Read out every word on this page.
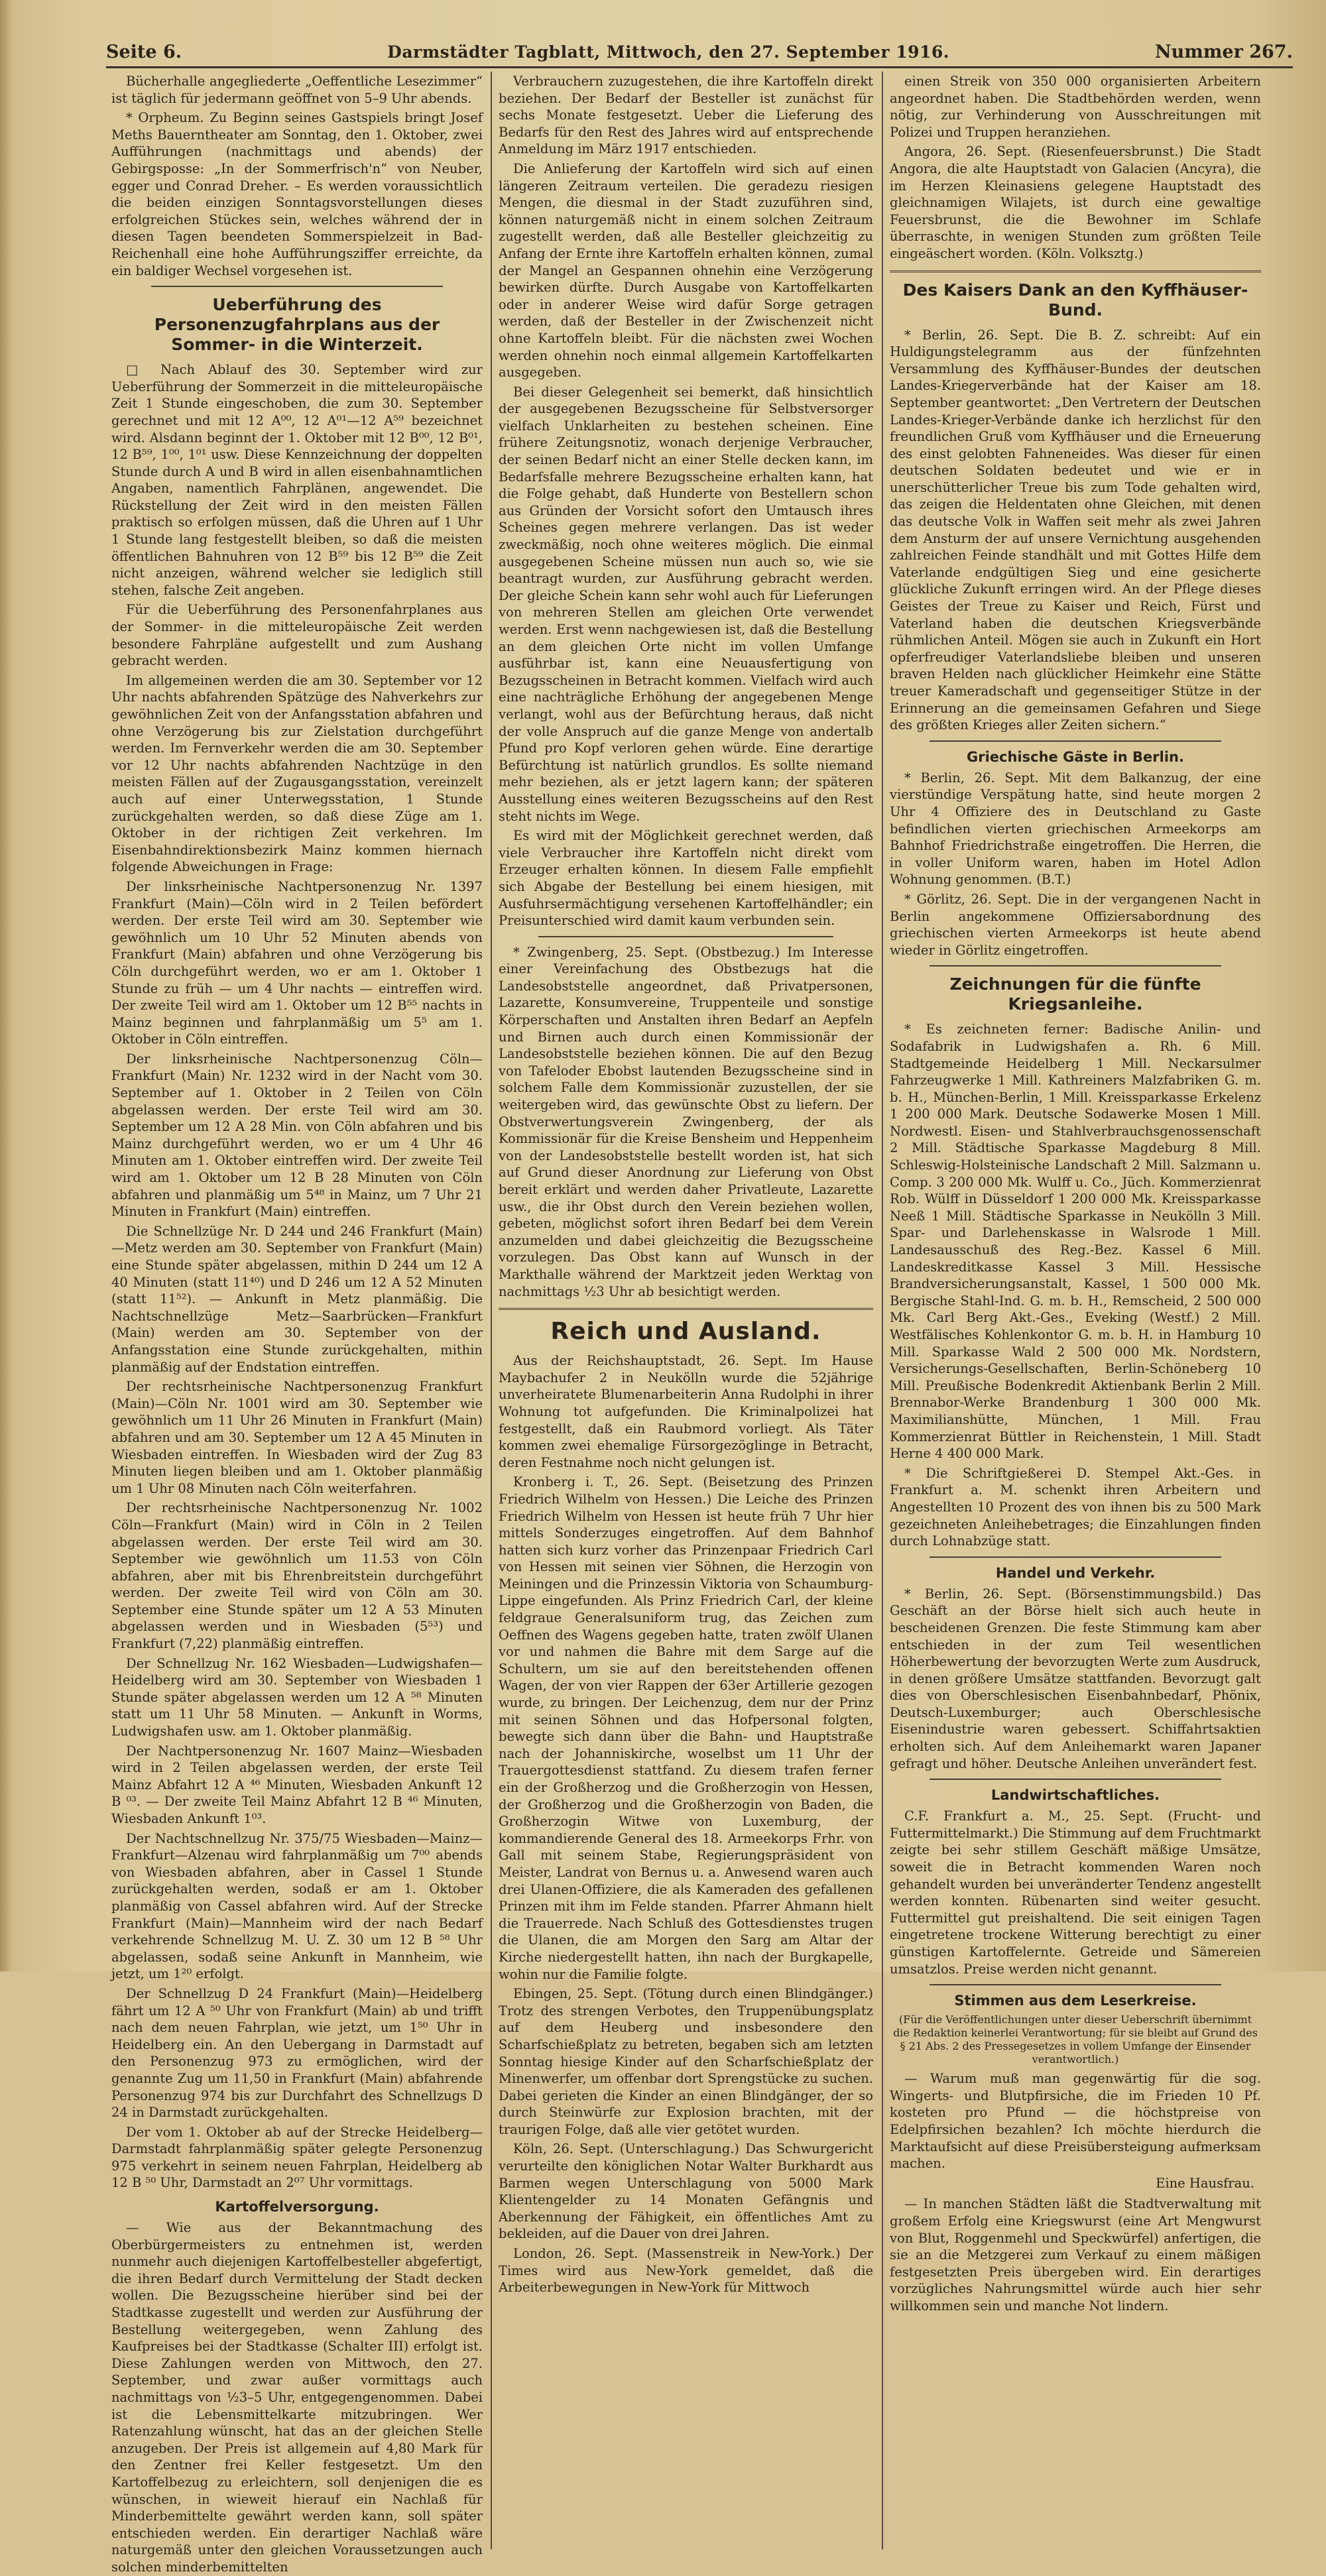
Seite 6.	Darmstädter Tagblatt, Mittwoch, den 27. September 1916.	Nummer 267.

Bücherhalle angegliederte „Oeffentliche Lesezimmer“ ist täglich für jedermann geöffnet von 5–9 Uhr abends.

* Orpheum. Zu Beginn seines Gastspiels bringt Josef Meths Bauerntheater am Sonntag, den 1. Oktober, zwei Aufführungen (nachmittags und abends) der Gebirgsposse: „In der Sommerfrisch'n“ von Neuber, egger und Conrad Dreher. – Es werden voraussichtlich die beiden einzigen Sonntagsvorstellungen dieses erfolgreichen Stückes sein, welches während der in diesen Tagen beendeten Sommerspielzeit in Bad-Reichenhall eine hohe Aufführungsziffer erreichte, da ein baldiger Wechsel vorgesehen ist.

Ueberführung des Personenzugfahrplans aus der Sommer- in die Winterzeit.

□ Nach Ablauf des 30. September wird zur Ueberführung der Sommerzeit in die mitteleuropäische Zeit 1 Stunde eingeschoben, die zum 30. September gerechnet und mit 12 A⁰⁰, 12 A⁰¹—12 A⁵⁹ bezeichnet wird. Alsdann beginnt der 1. Oktober mit 12 B⁰⁰, 12 B⁰¹, 12 B⁵⁹, 1⁰⁰, 1⁰¹ usw. Diese Kennzeichnung der doppelten Stunde durch A und B wird in allen eisenbahnamtlichen Angaben, namentlich Fahrplänen, angewendet. Die Rückstellung der Zeit wird in den meisten Fällen praktisch so erfolgen müssen, daß die Uhren auf 1 Uhr 1 Stunde lang festgestellt bleiben, so daß die meisten öffentlichen Bahnuhren von 12 B⁵⁹ bis 12 B⁵⁹ die Zeit nicht anzeigen, während welcher sie lediglich still stehen, falsche Zeit angeben.

Für die Ueberführung des Personenfahrplanes aus der Sommer- in die mitteleuropäische Zeit werden besondere Fahrpläne aufgestellt und zum Aushang gebracht werden.

Im allgemeinen werden die am 30. September vor 12 Uhr nachts abfahrenden Spätzüge des Nahverkehrs zur gewöhnlichen Zeit von der Anfangsstation abfahren und ohne Verzögerung bis zur Zielstation durchgeführt werden. Im Fernverkehr werden die am 30. September vor 12 Uhr nachts abfahrenden Nachtzüge in den meisten Fällen auf der Zugausgangsstation, vereinzelt auch auf einer Unterwegsstation, 1 Stunde zurückgehalten werden, so daß diese Züge am 1. Oktober in der richtigen Zeit verkehren. Im Eisenbahndirektionsbezirk Mainz kommen hiernach folgende Abweichungen in Frage:

Der linksrheinische Nachtpersonenzug Nr. 1397 Frankfurt (Main)—Cöln wird in 2 Teilen befördert werden. Der erste Teil wird am 30. September wie gewöhnlich um 10 Uhr 52 Minuten abends von Frankfurt (Main) abfahren und ohne Verzögerung bis Cöln durchgeführt werden, wo er am 1. Oktober 1 Stunde zu früh — um 4 Uhr nachts — eintreffen wird. Der zweite Teil wird am 1. Oktober um 12 B⁵⁵ nachts in Mainz beginnen und fahrplanmäßig um 5⁵ am 1. Oktober in Cöln eintreffen.

Der linksrheinische Nachtpersonenzug Cöln—Frankfurt (Main) Nr. 1232 wird in der Nacht vom 30. September auf 1. Oktober in 2 Teilen von Cöln abgelassen werden. Der erste Teil wird am 30. September um 12 A 28 Min. von Cöln abfahren und bis Mainz durchgeführt werden, wo er um 4 Uhr 46 Minuten am 1. Oktober eintreffen wird. Der zweite Teil wird am 1. Oktober um 12 B 28 Minuten von Cöln abfahren und planmäßig um 5⁴⁸ in Mainz, um 7 Uhr 21 Minuten in Frankfurt (Main) eintreffen.

Die Schnellzüge Nr. D 244 und 246 Frankfurt (Main)—Metz werden am 30. September von Frankfurt (Main) eine Stunde später abgelassen, mithin D 244 um 12 A 40 Minuten (statt 11⁴⁰) und D 246 um 12 A 52 Minuten (statt 11⁵²). — Ankunft in Metz planmäßig. Die Nachtschnellzüge Metz—Saarbrücken—Frankfurt (Main) werden am 30. September von der Anfangsstation eine Stunde zurückgehalten, mithin planmäßig auf der Endstation eintreffen.

Der rechtsrheinische Nachtpersonenzug Frankfurt (Main)—Cöln Nr. 1001 wird am 30. September wie gewöhnlich um 11 Uhr 26 Minuten in Frankfurt (Main) abfahren und am 30. September um 12 A 45 Minuten in Wiesbaden eintreffen. In Wiesbaden wird der Zug 83 Minuten liegen bleiben und am 1. Oktober planmäßig um 1 Uhr 08 Minuten nach Cöln weiterfahren.

Der rechtsrheinische Nachtpersonenzug Nr. 1002 Cöln—Frankfurt (Main) wird in Cöln in 2 Teilen abgelassen werden. Der erste Teil wird am 30. September wie gewöhnlich um 11.53 von Cöln abfahren, aber mit bis Ehrenbreitstein durchgeführt werden. Der zweite Teil wird von Cöln am 30. September eine Stunde später um 12 A 53 Minuten abgelassen werden und in Wiesbaden (5⁵³) und Frankfurt (7,22) planmäßig eintreffen.

Der Schnellzug Nr. 162 Wiesbaden—Ludwigshafen—Heidelberg wird am 30. September von Wiesbaden 1 Stunde später abgelassen werden um 12 A ⁵⁸ Minuten statt um 11 Uhr 58 Minuten. — Ankunft in Worms, Ludwigshafen usw. am 1. Oktober planmäßig.

Der Nachtpersonenzug Nr. 1607 Mainz—Wiesbaden wird in 2 Teilen abgelassen werden, der erste Teil Mainz Abfahrt 12 A ⁴⁶ Minuten, Wiesbaden Ankunft 12 B ⁰³. — Der zweite Teil Mainz Abfahrt 12 B ⁴⁶ Minuten, Wiesbaden Ankunft 1⁰³.

Der Nachtschnellzug Nr. 375/75 Wiesbaden—Mainz—Frankfurt—Alzenau wird fahrplanmäßig um 7⁰⁰ abends von Wiesbaden abfahren, aber in Cassel 1 Stunde zurückgehalten werden, sodaß er am 1. Oktober planmäßig von Cassel abfahren wird. Auf der Strecke Frankfurt (Main)—Mannheim wird der nach Bedarf verkehrende Schnellzug M. U. Z. 30 um 12 B ⁵⁸ Uhr abgelassen, sodaß seine Ankunft in Mannheim, wie jetzt, um 1²⁰ erfolgt.

Der Schnellzug D 24 Frankfurt (Main)—Heidelberg fährt um 12 A ⁵⁰ Uhr von Frankfurt (Main) ab und trifft nach dem neuen Fahrplan, wie jetzt, um 1⁵⁰ Uhr in Heidelberg ein. An den Uebergang in Darmstadt auf den Personenzug 973 zu ermöglichen, wird der genannte Zug um 11,50 in Frankfurt (Main) abfahrende Personenzug 974 bis zur Durchfahrt des Schnellzugs D 24 in Darmstadt zurückgehalten.

Der vom 1. Oktober ab auf der Strecke Heidelberg—Darmstadt fahrplanmäßig später gelegte Personenzug 975 verkehrt in seinem neuen Fahrplan, Heidelberg ab 12 B ⁵⁰ Uhr, Darmstadt an 2⁰⁷ Uhr vormittags.

Kartoffelversorgung.

— Wie aus der Bekanntmachung des Oberbürgermeisters zu entnehmen ist, werden nunmehr auch diejenigen Kartoffelbesteller abgefertigt, die ihren Bedarf durch Vermittelung der Stadt decken wollen. Die Bezugsscheine hierüber sind bei der Stadtkasse zugestellt und werden zur Ausführung der Bestellung weitergegeben, wenn Zahlung des Kaufpreises bei der Stadtkasse (Schalter III) erfolgt ist. Diese Zahlungen werden von Mittwoch, den 27. September, und zwar außer vormittags auch nachmittags von ½3–5 Uhr, entgegengenommen. Dabei ist die Lebensmittelkarte mitzubringen. Wer Ratenzahlung wünscht, hat das an der gleichen Stelle anzugeben. Der Preis ist allgemein auf 4,80 Mark für den Zentner frei Keller festgesetzt. Um den Kartoffelbezug zu erleichtern, soll denjenigen die es wünschen, in wieweit hierauf ein Nachlaß für Minderbemittelte gewährt werden kann, soll später entschieden werden. Ein derartiger Nachlaß wäre naturgemäß unter den gleichen Voraussetzungen auch solchen minderbemittelten

Verbrauchern zuzugestehen, die ihre Kartoffeln direkt beziehen. Der Bedarf der Besteller ist zunächst für sechs Monate festgesetzt. Ueber die Lieferung des Bedarfs für den Rest des Jahres wird auf entsprechende Anmeldung im März 1917 entschieden.

Die Anlieferung der Kartoffeln wird sich auf einen längeren Zeitraum verteilen. Die geradezu riesigen Mengen, die diesmal in der Stadt zuzuführen sind, können naturgemäß nicht in einem solchen Zeitraum zugestellt werden, daß alle Besteller gleichzeitig zu Anfang der Ernte ihre Kartoffeln erhalten können, zumal der Mangel an Gespannen ohnehin eine Verzögerung bewirken dürfte. Durch Ausgabe von Kartoffelkarten oder in anderer Weise wird dafür Sorge getragen werden, daß der Besteller in der Zwischenzeit nicht ohne Kartoffeln bleibt. Für die nächsten zwei Wochen werden ohnehin noch einmal allgemein Kartoffelkarten ausgegeben.

Bei dieser Gelegenheit sei bemerkt, daß hinsichtlich der ausgegebenen Bezugsscheine für Selbstversorger vielfach Unklarheiten zu bestehen scheinen. Eine frühere Zeitungsnotiz, wonach derjenige Verbraucher, der seinen Bedarf nicht an einer Stelle decken kann, im Bedarfsfalle mehrere Bezugsscheine erhalten kann, hat die Folge gehabt, daß Hunderte von Bestellern schon aus Gründen der Vorsicht sofort den Umtausch ihres Scheines gegen mehrere verlangen. Das ist weder zweckmäßig, noch ohne weiteres möglich. Die einmal ausgegebenen Scheine müssen nun auch so, wie sie beantragt wurden, zur Ausführung gebracht werden. Der gleiche Schein kann sehr wohl auch für Lieferungen von mehreren Stellen am gleichen Orte verwendet werden. Erst wenn nachgewiesen ist, daß die Bestellung an dem gleichen Orte nicht im vollen Umfange ausführbar ist, kann eine Neuausfertigung von Bezugsscheinen in Betracht kommen. Vielfach wird auch eine nachträgliche Erhöhung der angegebenen Menge verlangt, wohl aus der Befürchtung heraus, daß nicht der volle Anspruch auf die ganze Menge von andertalb Pfund pro Kopf verloren gehen würde. Eine derartige Befürchtung ist natürlich grundlos. Es sollte niemand mehr beziehen, als er jetzt lagern kann; der späteren Ausstellung eines weiteren Bezugsscheins auf den Rest steht nichts im Wege.

Es wird mit der Möglichkeit gerechnet werden, daß viele Verbraucher ihre Kartoffeln nicht direkt vom Erzeuger erhalten können. In diesem Falle empfiehlt sich Abgabe der Bestellung bei einem hiesigen, mit Ausfuhrsermächtigung versehenen Kartoffelhändler; ein Preisunterschied wird damit kaum verbunden sein.

* Zwingenberg, 25. Sept. (Obstbezug.) Im Interesse einer Vereinfachung des Obstbezugs hat die Landesobststelle angeordnet, daß Privatpersonen, Lazarette, Konsumvereine, Truppenteile und sonstige Körperschaften und Anstalten ihren Bedarf an Aepfeln und Birnen auch durch einen Kommissionär der Landesobststelle beziehen können. Die auf den Bezug von Tafeloder Ebobst lautenden Bezugsscheine sind in solchem Falle dem Kommissionär zuzustellen, der sie weitergeben wird, das gewünschte Obst zu liefern. Der Obstverwertungsverein Zwingenberg, der als Kommissionär für die Kreise Bensheim und Heppenheim von der Landesobststelle bestellt worden ist, hat sich auf Grund dieser Anordnung zur Lieferung von Obst bereit erklärt und werden daher Privatleute, Lazarette usw., die ihr Obst durch den Verein beziehen wollen, gebeten, möglichst sofort ihren Bedarf bei dem Verein anzumelden und dabei gleichzeitig die Bezugsscheine vorzulegen. Das Obst kann auf Wunsch in der Markthalle während der Marktzeit jeden Werktag von nachmittags ½3 Uhr ab besichtigt werden.

Reich und Ausland.

Aus der Reichshauptstadt, 26. Sept. Im Hause Maybachufer 2 in Neukölln wurde die 52jährige unverheiratete Blumenarbeiterin Anna Rudolphi in ihrer Wohnung tot aufgefunden. Die Kriminalpolizei hat festgestellt, daß ein Raubmord vorliegt. Als Täter kommen zwei ehemalige Fürsorgezöglinge in Betracht, deren Festnahme noch nicht gelungen ist.

Kronberg i. T., 26. Sept. (Beisetzung des Prinzen Friedrich Wilhelm von Hessen.) Die Leiche des Prinzen Friedrich Wilhelm von Hessen ist heute früh 7 Uhr hier mittels Sonderzuges eingetroffen. Auf dem Bahnhof hatten sich kurz vorher das Prinzenpaar Friedrich Carl von Hessen mit seinen vier Söhnen, die Herzogin von Meiningen und die Prinzessin Viktoria von Schaumburg-Lippe eingefunden. Als Prinz Friedrich Carl, der kleine feldgraue Generalsuniform trug, das Zeichen zum Oeffnen des Wagens gegeben hatte, traten zwölf Ulanen vor und nahmen die Bahre mit dem Sarge auf die Schultern, um sie auf den bereitstehenden offenen Wagen, der von vier Rappen der 63er Artillerie gezogen wurde, zu bringen. Der Leichenzug, dem nur der Prinz mit seinen Söhnen und das Hofpersonal folgten, bewegte sich dann über die Bahn- und Hauptstraße nach der Johanniskirche, woselbst um 11 Uhr der Trauergottesdienst stattfand. Zu diesem trafen ferner ein der Großherzog und die Großherzogin von Hessen, der Großherzog und die Großherzogin von Baden, die Großherzogin Witwe von Luxemburg, der kommandierende General des 18. Armeekorps Frhr. von Gall mit seinem Stabe, Regierungspräsident von Meister, Landrat von Bernus u. a. Anwesend waren auch drei Ulanen-Offiziere, die als Kameraden des gefallenen Prinzen mit ihm im Felde standen. Pfarrer Ahmann hielt die Trauerrede. Nach Schluß des Gottesdienstes trugen die Ulanen, die am Morgen den Sarg am Altar der Kirche niedergestellt hatten, ihn nach der Burgkapelle, wohin nur die Familie folgte.

Ebingen, 25. Sept. (Tötung durch einen Blindgänger.) Trotz des strengen Verbotes, den Truppenübungsplatz auf dem Heuberg und insbesondere den Scharfschießplatz zu betreten, begaben sich am letzten Sonntag hiesige Kinder auf den Scharfschießplatz der Minenwerfer, um offenbar dort Sprengstücke zu suchen. Dabei gerieten die Kinder an einen Blindgänger, der so durch Steinwürfe zur Explosion brachten, mit der traurigen Folge, daß alle vier getötet wurden.

Köln, 26. Sept. (Unterschlagung.) Das Schwurgericht verurteilte den königlichen Notar Walter Burkhardt aus Barmen wegen Unterschlagung von 5000 Mark Klientengelder zu 14 Monaten Gefängnis und Aberkennung der Fähigkeit, ein öffentliches Amt zu bekleiden, auf die Dauer von drei Jahren.

London, 26. Sept. (Massenstreik in New-York.) Der Times wird aus New-York gemeldet, daß die Arbeiterbewegungen in New-York für Mittwoch

einen Streik von 350 000 organisierten Arbeitern angeordnet haben. Die Stadtbehörden werden, wenn nötig, zur Verhinderung von Ausschreitungen mit Polizei und Truppen heranziehen.

Angora, 26. Sept. (Riesenfeuersbrunst.) Die Stadt Angora, die alte Hauptstadt von Galacien (Ancyra), die im Herzen Kleinasiens gelegene Hauptstadt des gleichnamigen Wilajets, ist durch eine gewaltige Feuersbrunst, die die Bewohner im Schlafe überraschte, in wenigen Stunden zum größten Teile eingeäschert worden. (Köln. Volksztg.)

Des Kaisers Dank an den Kyffhäuser-Bund.

* Berlin, 26. Sept. Die B. Z. schreibt: Auf ein Huldigungstelegramm aus der fünfzehnten Versammlung des Kyffhäuser-Bundes der deutschen Landes-Kriegerverbände hat der Kaiser am 18. September geantwortet: „Den Vertretern der Deutschen Landes-Krieger-Verbände danke ich herzlichst für den freundlichen Gruß vom Kyffhäuser und die Erneuerung des einst gelobten Fahneneides. Was dieser für einen deutschen Soldaten bedeutet und wie er in unerschütterlicher Treue bis zum Tode gehalten wird, das zeigen die Heldentaten ohne Gleichen, mit denen das deutsche Volk in Waffen seit mehr als zwei Jahren dem Ansturm der auf unsere Vernichtung ausgehenden zahlreichen Feinde standhält und mit Gottes Hilfe dem Vaterlande endgültigen Sieg und eine gesicherte glückliche Zukunft erringen wird. An der Pflege dieses Geistes der Treue zu Kaiser und Reich, Fürst und Vaterland haben die deutschen Kriegsverbände rühmlichen Anteil. Mögen sie auch in Zukunft ein Hort opferfreudiger Vaterlandsliebe bleiben und unseren braven Helden nach glücklicher Heimkehr eine Stätte treuer Kameradschaft und gegenseitiger Stütze in der Erinnerung an die gemeinsamen Gefahren und Siege des größten Krieges aller Zeiten sichern.“

Griechische Gäste in Berlin.

* Berlin, 26. Sept. Mit dem Balkanzug, der eine vierstündige Verspätung hatte, sind heute morgen 2 Uhr 4 Offiziere des in Deutschland zu Gaste befindlichen vierten griechischen Armeekorps am Bahnhof Friedrichstraße eingetroffen. Die Herren, die in voller Uniform waren, haben im Hotel Adlon Wohnung genommen. (B.T.)

* Görlitz, 26. Sept. Die in der vergangenen Nacht in Berlin angekommene Offiziersabordnung des griechischen vierten Armeekorps ist heute abend wieder in Görlitz eingetroffen.

Zeichnungen für die fünfte Kriegsanleihe.

* Es zeichneten ferner: Badische Anilin- und Sodafabrik in Ludwigshafen a. Rh. 6 Mill. Stadtgemeinde Heidelberg 1 Mill. Neckarsulmer Fahrzeugwerke 1 Mill. Kathreiners Malzfabriken G. m. b. H., München-Berlin, 1 Mill. Kreissparkasse Erkelenz 1 200 000 Mark. Deutsche Sodawerke Mosen 1 Mill. Nordwestl. Eisen- und Stahlverbrauchsgenossenschaft 2 Mill. Städtische Sparkasse Magdeburg 8 Mill. Schleswig-Holsteinische Landschaft 2 Mill. Salzmann u. Comp. 3 200 000 Mk. Wulff u. Co., Jüch. Kommerzienrat Rob. Wülff in Düsseldorf 1 200 000 Mk. Kreissparkasse Neeß 1 Mill. Städtische Sparkasse in Neukölln 3 Mill. Spar- und Darlehenskasse in Walsrode 1 Mill. Landesausschuß des Reg.-Bez. Kassel 6 Mill. Landeskreditkasse Kassel 3 Mill. Hessische Brandversicherungsanstalt, Kassel, 1 500 000 Mk. Bergische Stahl-Ind. G. m. b. H., Remscheid, 2 500 000 Mk. Carl Berg Akt.-Ges., Eveking (Westf.) 2 Mill. Westfälisches Kohlenkontor G. m. b. H. in Hamburg 10 Mill. Sparkasse Wald 2 500 000 Mk. Nordstern, Versicherungs-Gesellschaften, Berlin-Schöneberg 10 Mill. Preußische Bodenkredit Aktienbank Berlin 2 Mill. Brennabor-Werke Brandenburg 1 300 000 Mk. Maximilianshütte, München, 1 Mill. Frau Kommerzienrat Büttler in Reichenstein, 1 Mill. Stadt Herne 4 400 000 Mark.

* Die Schriftgießerei D. Stempel Akt.-Ges. in Frankfurt a. M. schenkt ihren Arbeitern und Angestellten 10 Prozent des von ihnen bis zu 500 Mark gezeichneten Anleihebetrages; die Einzahlungen finden durch Lohnabzüge statt.

Handel und Verkehr.

* Berlin, 26. Sept. (Börsenstimmungsbild.) Das Geschäft an der Börse hielt sich auch heute in bescheidenen Grenzen. Die feste Stimmung kam aber entschieden in der zum Teil wesentlichen Höherbewertung der bevorzugten Werte zum Ausdruck, in denen größere Umsätze stattfanden. Bevorzugt galt dies von Oberschlesischen Eisenbahnbedarf, Phönix, Deutsch-Luxemburger; auch Oberschlesische Eisenindustrie waren gebessert. Schiffahrtsaktien erholten sich. Auf dem Anleihemarkt waren Japaner gefragt und höher. Deutsche Anleihen unverändert fest.

Landwirtschaftliches.

C.F. Frankfurt a. M., 25. Sept. (Frucht- und Futtermittelmarkt.) Die Stimmung auf dem Fruchtmarkt zeigte bei sehr stillem Geschäft mäßige Umsätze, soweit die in Betracht kommenden Waren noch gehandelt wurden bei unveränderter Tendenz angestellt werden konnten. Rübenarten sind weiter gesucht. Futtermittel gut preishaltend. Die seit einigen Tagen eingetretene trockene Witterung berechtigt zu einer günstigen Kartoffelernte. Getreide und Sämereien umsatzlos. Preise werden nicht genannt.

Stimmen aus dem Leserkreise.
(Für die Veröffentlichungen unter dieser Ueberschrift übernimmt die Redaktion keinerlei Verantwortung; für sie bleibt auf Grund des § 21 Abs. 2 des Pressegesetzes in vollem Umfange der Einsender verantwortlich.)

— Warum muß man gegenwärtig für die sog. Wingerts- und Blutpfirsiche, die im Frieden 10 Pf. kosteten pro Pfund — die höchstpreise von Edelpfirsichen bezahlen? Ich möchte hierdurch die Marktaufsicht auf diese Preisübersteigung aufmerksam machen.

Eine Hausfrau.

— In manchen Städten läßt die Stadtverwaltung mit großem Erfolg eine Kriegswurst (eine Art Mengwurst von Blut, Roggenmehl und Speckwürfel) anfertigen, die sie an die Metzgerei zum Verkauf zu einem mäßigen festgesetzten Preis übergeben wird. Ein derartiges vorzügliches Nahrungsmittel würde auch hier sehr willkommen sein und manche Not lindern.
